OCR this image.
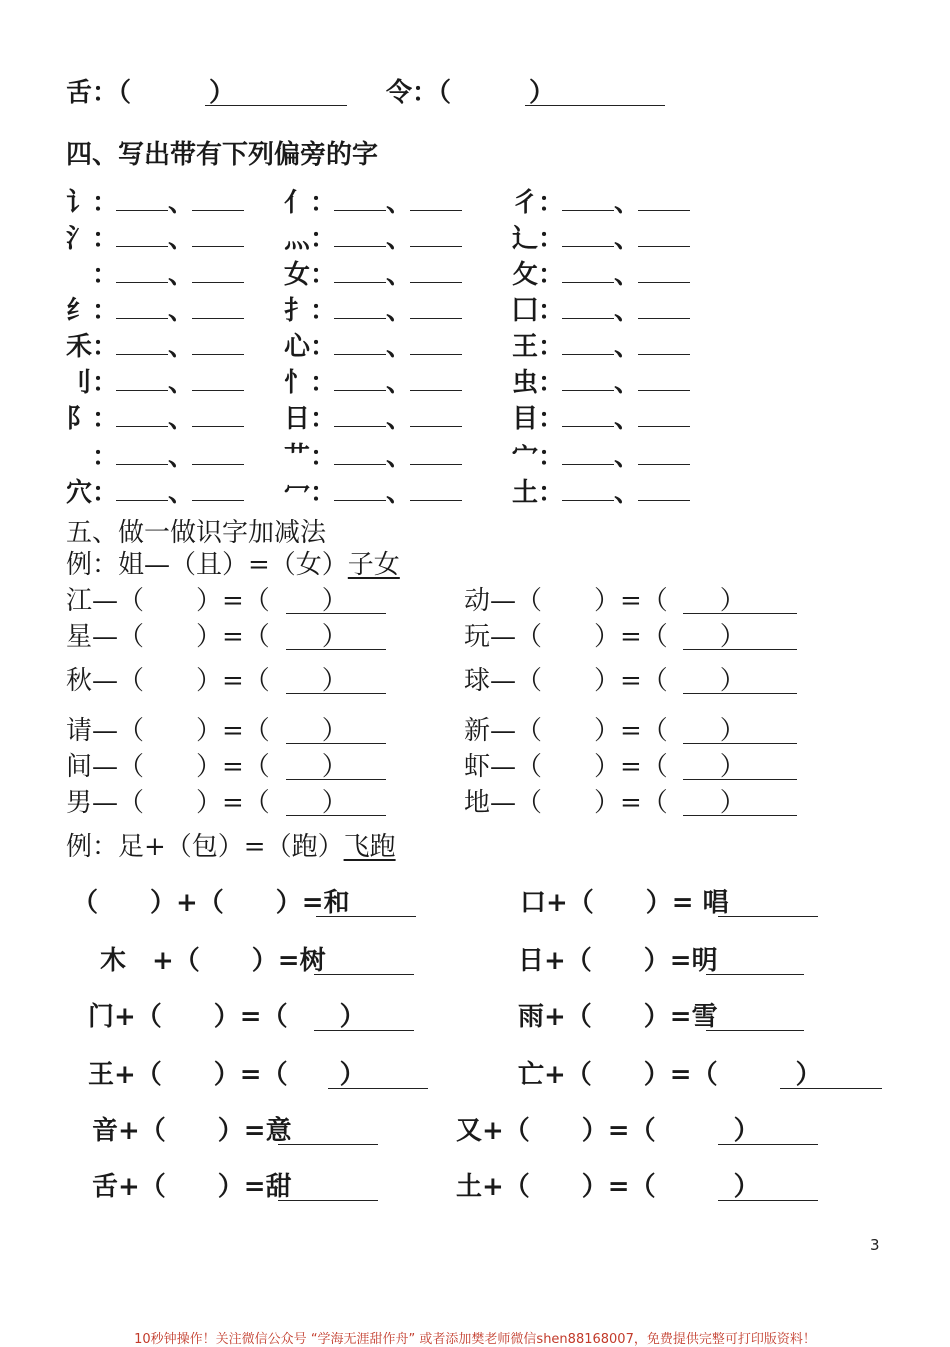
舌：（　　　）	令：（　　　）
四、写出带有下列偏旁的字
讠： 、	亻： 、	彳： 、
氵： 、	灬： 、	辶： 、
　： 、	女： 、	攵： 、
纟： 、	扌： 、	囗： 、
禾： 、	心： 、	王： 、
刂： 、	忄： 、	虫： 、
阝： 、	日： 、	目： 、
　： 、	艹： 、	宀： 、
穴： 、	冖： 、	土： 、
五、做一做识字加减法
例：姐—（且）=（女）子女
江—（　　）=（　　）	动—（　　）=（　　）
星—（　　）=（　　）	玩—（　　）=（　　）
秋—（　　）=（　　）	球—（　　）=（　　）
请—（　　）=（　　）	新—（　　）=（　　）
间—（　　）=（　　）	虾—（　　）=（　　）
男—（　　）=（　　）	地—（　　）=（　　）
例：足+（包）=（跑）飞跑
（　　）+（　　）=和	口+（　　）= 唱
木　+（　　）=树	日+（　　）=明
门+（　　）=（　　）	雨+（　　）=雪
王+（　　）=（　　）	亡+（　　）=（　　　）
音+（　　）=意	又+（　　）=（　　　）
舌+（　　）=甜	土+（　　）=（　　　）
3
10秒钟操作！关注微信公众号 “学海无涯甜作舟” 或者添加樊老师微信shen88168007，免费提供完整可打印版资料！
